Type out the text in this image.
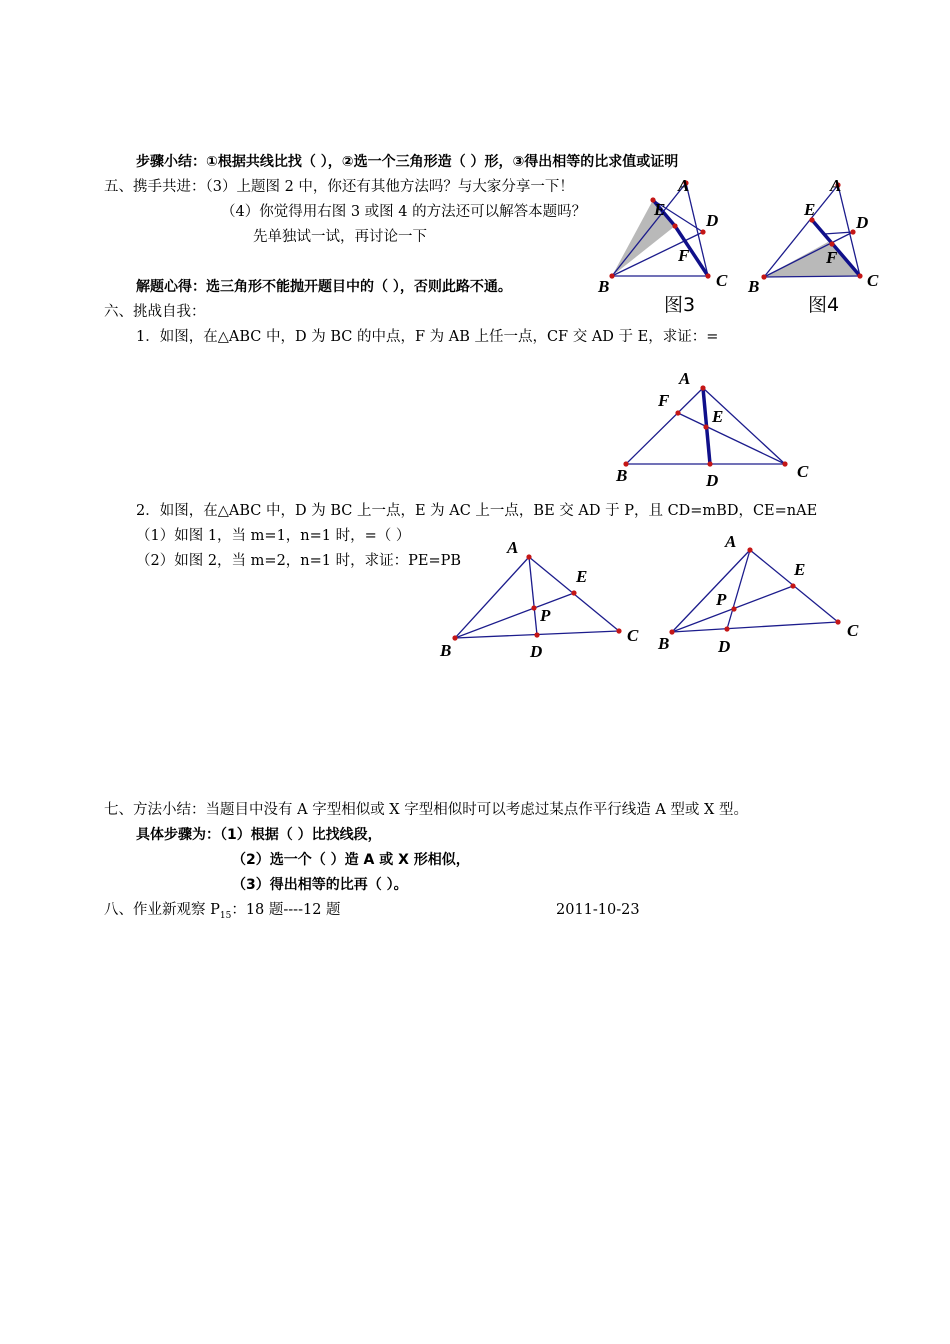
步骤小结：①根据共线比找（ ），②选一个三角形造（ ）形，③得出相等的比求值或证明
五、携手共进：（3）上题图 2 中，你还有其他方法吗？与大家分享一下！
（4）你觉得用右图 3 或图 4 的方法还可以解答本题吗？
先单独试一试，再讨论一下
解题心得：选三角形不能抛开题目中的（ ），否则此路不通。
六、挑战自我：
1．如图，在△ABC 中，D 为 BC 的中点，F 为 AB 上任一点，CF 交 AD 于 E，求证：=
2．如图，在△ABC 中，D 为 BC 上一点，E 为 AC 上一点，BE 交 AD 于 P，且 CD=mBD，CE=nAE
（1）如图 1，当 m=1，n=1 时，=（ ）
（2）如图 2，当 m=2，n=1 时，求证：PE=PB
七、方法小结：当题目中没有 A 字型相似或 X 字型相似时可以考虑过某点作平行线造 A 型或 X 型。
具体步骤为：（1）根据（ ）比找线段，
（2）选一个（ ）造 A 或 X 形相似，
（3）得出相等的比再（ ）。
八、作业新观察 $P_{15}$：18 题----12 题	2011-10-23
A
E
D
F
B	C
图3
A
E
D
F
B	C
图4
A
F
E
B	D	C
A
E
P
B	D
C
A
E
P
B	D
C
